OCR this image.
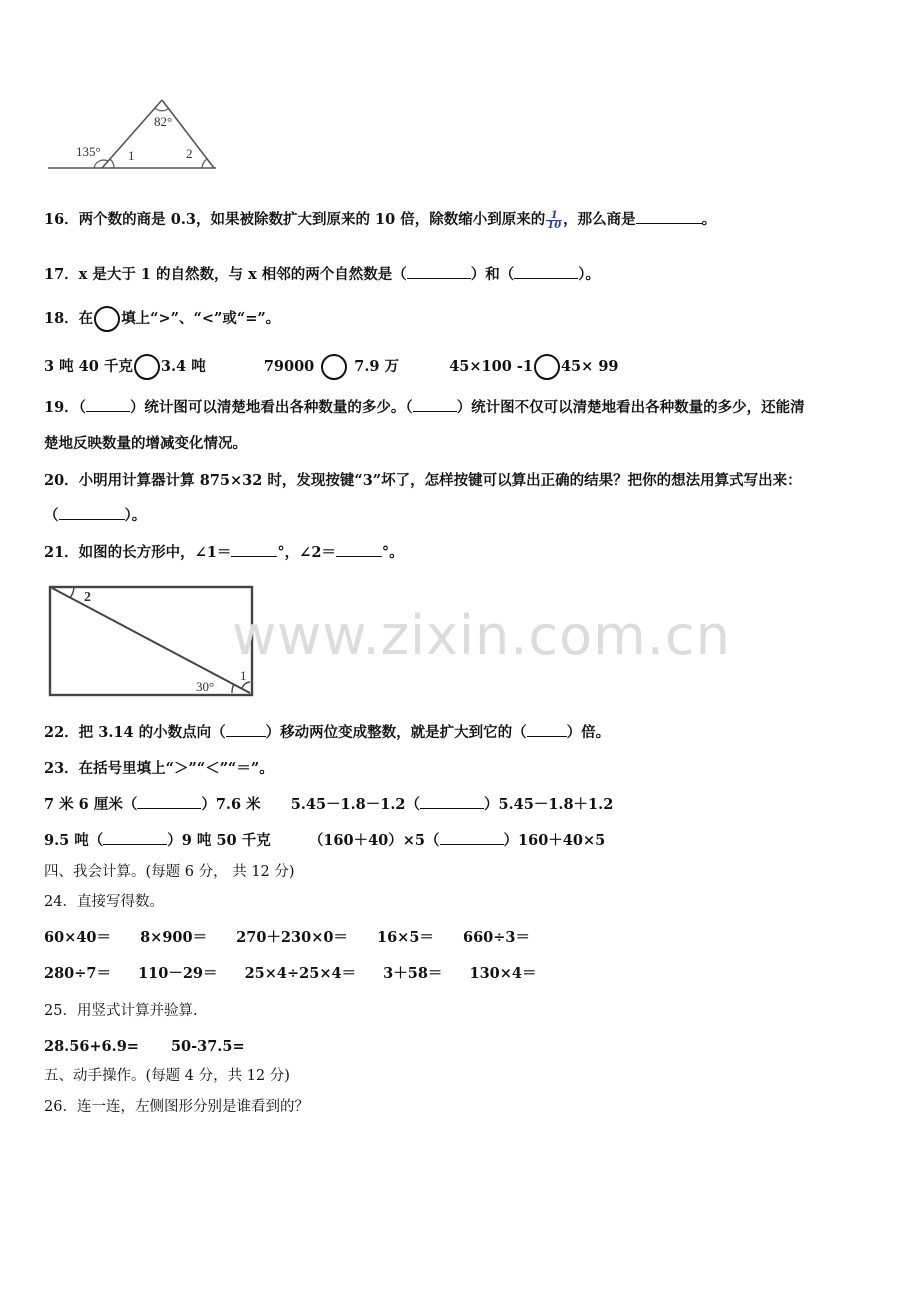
135°
82°
1	2
16．两个数的商是 0.3，如果被除数扩大到原来的 10 倍，除数缩小到原来的 $\frac{1}{10}$ ，那么商是	。
17．x 是大于 1 的自然数，与 x 相邻的两个自然数是（	）和（	）。
18．在 填上“>”、“<”或“=”。
3 吨 40 千克 3.4 吨	79000	7.9 万	45×100 -1 45× 99
19．（	）统计图可以清楚地看出各种数量的多少。（	）统计图不仅可以清楚地看出各种数量的多少，还能清
楚地反映数量的增减变化情况。
20．小明用计算器计算 875×32 时，发现按键“3”坏了，怎样按键可以算出正确的结果？把你的想法用算式写出来：
（	）。
21．如图的长方形中，∠1＝	°，∠2＝	°。
2
1
30°
www.zixin.com.cn
22．把 3.14 的小数点向（	）移动两位变成整数，就是扩大到它的（	）倍。
23．在括号里填上“＞”“＜”“＝”。
7 米 6 厘米（	）7.6 米 5.45－1.8－1.2（	）5.45－1.8＋1.2
9.5 吨（	）9 吨 50 千克	（160＋40）×5（	）160＋40×5
四、我会计算。(每题 6 分， 共 12 分)
24．直接写得数。
60×40＝ 8×900＝ 270＋230×0＝ 16×5＝ 660÷3＝
280÷7＝ 110－29＝ 25×4÷25×4＝ 3＋58＝ 130×4＝
25．用竖式计算并验算.
28.56+6.9= 50-37.5=
五、动手操作。(每题 4 分，共 12 分)
26．连一连，左侧图形分别是谁看到的？
